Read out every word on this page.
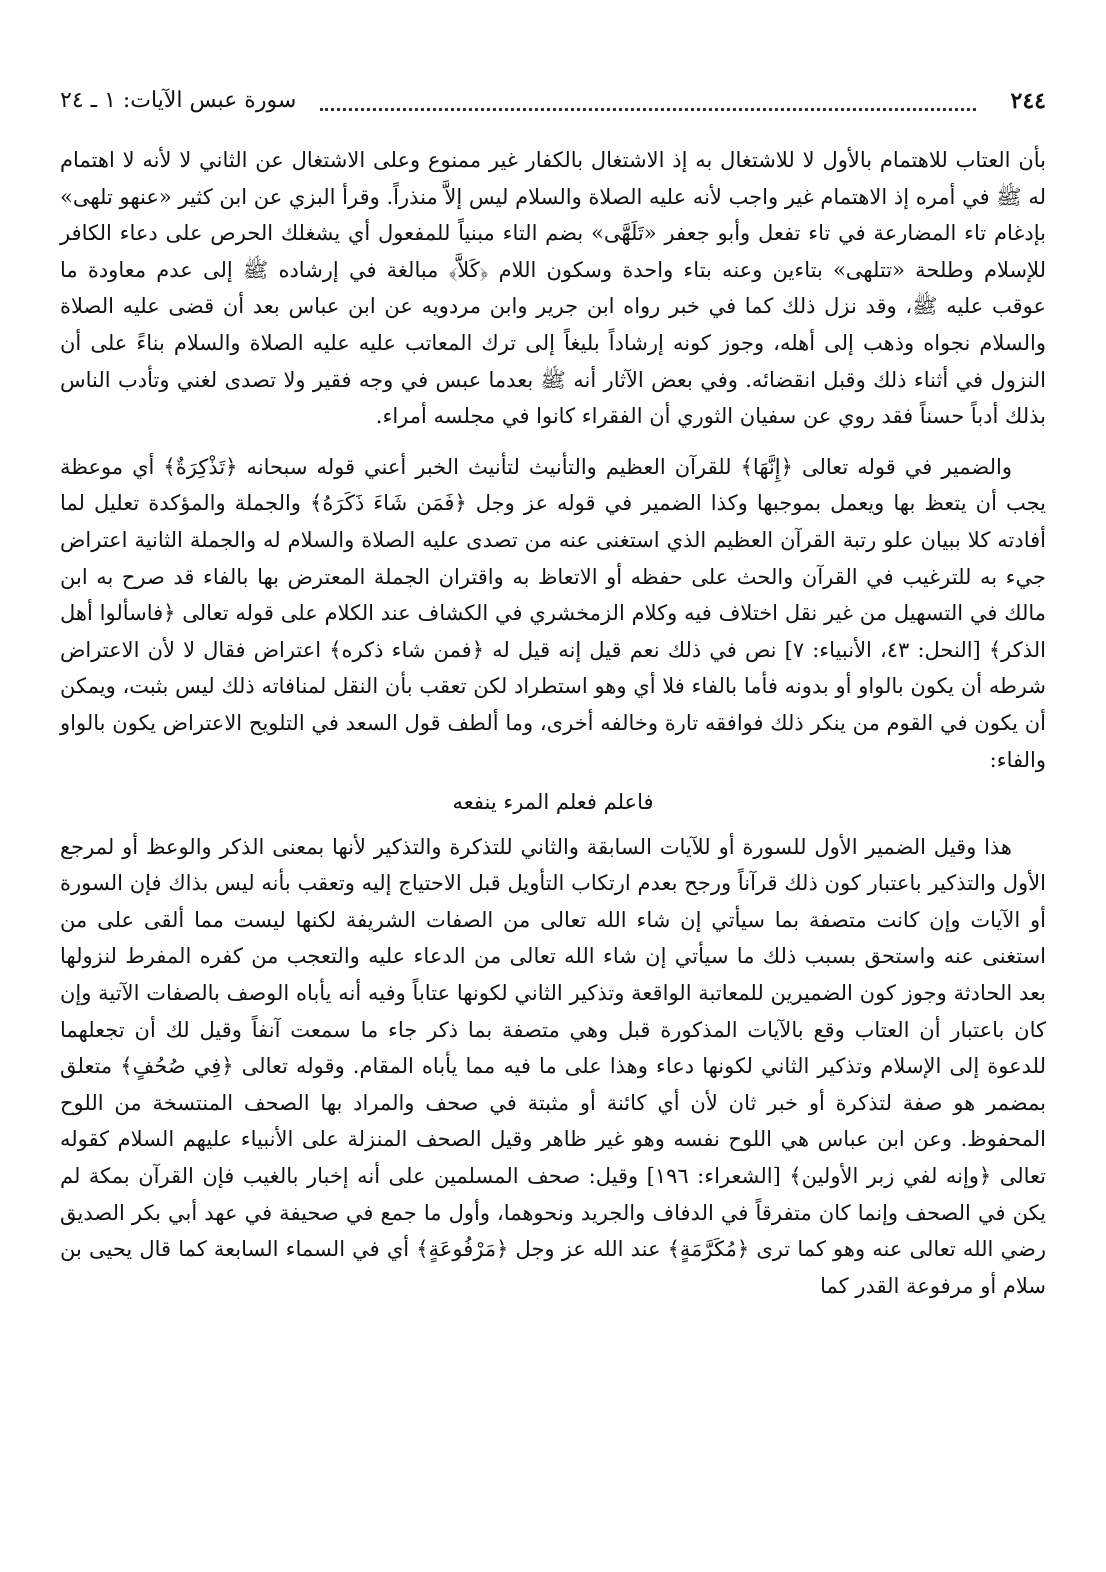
٢٤٤
سورة عبس الآيات: ١ ـ ٢٤

بأن العتاب للاهتمام بالأول لا للاشتغال به إذ الاشتغال بالكفار غير ممنوع وعلى الاشتغال عن الثاني لا لأنه لا اهتمام له ﷺ في أمره إذ الاهتمام غير واجب لأنه عليه الصلاة والسلام ليس إلاَّ منذراً. وقرأ البزي عن ابن كثير «عنهو تلهى» بإدغام تاء المضارعة في تاء تفعل وأبو جعفر «تَلَهَّى» بضم التاء مبنياً للمفعول أي يشغلك الحرص على دعاء الكافر للإسلام وطلحة «تتلهى» بتاءين وعنه بتاء واحدة وسكون اللام ﴿كَلاَّ﴾ مبالغة في إرشاده ﷺ إلى عدم معاودة ما عوقب عليه ﷺ، وقد نزل ذلك كما في خبر رواه ابن جرير وابن مردويه عن ابن عباس بعد أن قضى عليه الصلاة والسلام نجواه وذهب إلى أهله، وجوز كونه إرشاداً بليغاً إلى ترك المعاتب عليه عليه الصلاة والسلام بناءً على أن النزول في أثناء ذلك وقبل انقضائه. وفي بعض الآثار أنه ﷺ بعدما عبس في وجه فقير ولا تصدى لغني وتأدب الناس بذلك أدباً حسناً فقد روي عن سفيان الثوري أن الفقراء كانوا في مجلسه أمراء.

والضمير في قوله تعالى ﴿إِنَّهَا﴾ للقرآن العظيم والتأنيث لتأنيث الخبر أعني قوله سبحانه ﴿تَذْكِرَةٌ﴾ أي موعظة يجب أن يتعظ بها ويعمل بموجبها وكذا الضمير في قوله عز وجل ﴿فَمَن شَاءَ ذَكَرَهُ﴾ والجملة والمؤكدة تعليل لما أفادته كلا ببيان علو رتبة القرآن العظيم الذي استغنى عنه من تصدى عليه الصلاة والسلام له والجملة الثانية اعتراض جيء به للترغيب في القرآن والحث على حفظه أو الاتعاظ به واقتران الجملة المعترض بها بالفاء قد صرح به ابن مالك في التسهيل من غير نقل اختلاف فيه وكلام الزمخشري في الكشاف عند الكلام على قوله تعالى ﴿فاسألوا أهل الذكر﴾ [النحل: ٤٣، الأنبياء: ٧] نص في ذلك نعم قيل إنه قيل له ﴿فمن شاء ذكره﴾ اعتراض فقال لا لأن الاعتراض شرطه أن يكون بالواو أو بدونه فأما بالفاء فلا أي وهو استطراد لكن تعقب بأن النقل لمنافاته ذلك ليس بثبت، ويمكن أن يكون في القوم من ينكر ذلك فوافقه تارة وخالفه أخرى، وما ألطف قول السعد في التلويح الاعتراض يكون بالواو والفاء:

فاعلم فعلم المرء ينفعه

هذا وقيل الضمير الأول للسورة أو للآيات السابقة والثاني للتذكرة والتذكير لأنها بمعنى الذكر والوعظ أو لمرجع الأول والتذكير باعتبار كون ذلك قرآناً ورجح بعدم ارتكاب التأويل قبل الاحتياج إليه وتعقب بأنه ليس بذاك فإن السورة أو الآيات وإن كانت متصفة بما سيأتي إن شاء الله تعالى من الصفات الشريفة لكنها ليست مما ألقى على من استغنى عنه واستحق بسبب ذلك ما سيأتي إن شاء الله تعالى من الدعاء عليه والتعجب من كفره المفرط لنزولها بعد الحادثة وجوز كون الضميرين للمعاتبة الواقعة وتذكير الثاني لكونها عتاباً وفيه أنه يأباه الوصف بالصفات الآتية وإن كان باعتبار أن العتاب وقع بالآيات المذكورة قبل وهي متصفة بما ذكر جاء ما سمعت آنفاً وقيل لك أن تجعلهما للدعوة إلى الإسلام وتذكير الثاني لكونها دعاء وهذا على ما فيه مما يأباه المقام. وقوله تعالى ﴿فِي صُحُفٍ﴾ متعلق بمضمر هو صفة لتذكرة أو خبر ثان لأن أي كائنة أو مثبتة في صحف والمراد بها الصحف المنتسخة من اللوح المحفوظ. وعن ابن عباس هي اللوح نفسه وهو غير ظاهر وقيل الصحف المنزلة على الأنبياء عليهم السلام كقوله تعالى ﴿وإنه لفي زبر الأولين﴾ [الشعراء: ١٩٦] وقيل: صحف المسلمين على أنه إخبار بالغيب فإن القرآن بمكة لم يكن في الصحف وإنما كان متفرقاً في الدفاف والجريد ونحوهما، وأول ما جمع في صحيفة في عهد أبي بكر الصديق رضي الله تعالى عنه وهو كما ترى ﴿مُكَرَّمَةٍ﴾ عند الله عز وجل ﴿مَرْفُوعَةٍ﴾ أي في السماء السابعة كما قال يحيى بن سلام أو مرفوعة القدر كما
